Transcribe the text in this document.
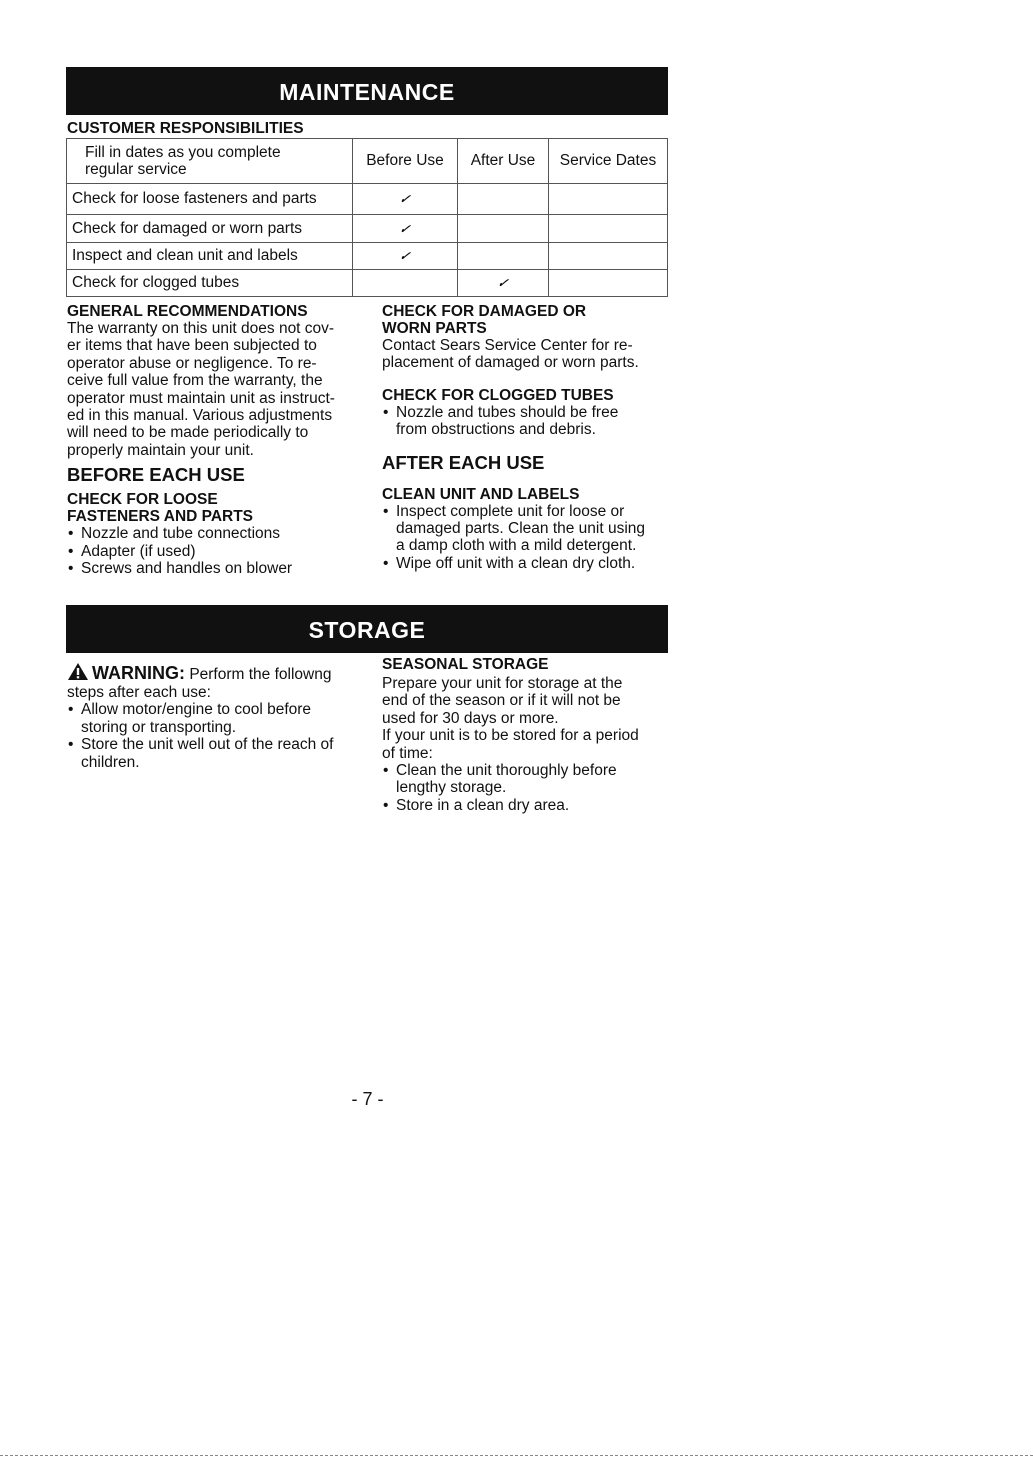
MAINTENANCE
CUSTOMER RESPONSIBILITIES
Fill in dates as you complete
regular service	Before Use	After Use	Service Dates
Check for loose fasteners and parts	✓		
Check for damaged or worn parts	✓		
Inspect and clean unit and labels	✓		
Check for clogged tubes		✓	

GENERAL RECOMMENDATIONS

The warranty on this unit does not cov-
er items that have been subjected to
operator abuse or negligence. To re-
ceive full value from the warranty, the
operator must maintain unit as instruct-
ed in this manual. Various adjustments
will need to be made periodically to
properly maintain your unit.

BEFORE EACH USE

CHECK FOR LOOSE
FASTENERS AND PARTS

• Nozzle and tube connections
• Adapter (if used)
• Screws and handles on blower

CHECK FOR DAMAGED OR
WORN PARTS

Contact Sears Service Center for re-
placement of damaged or worn parts.

CHECK FOR CLOGGED TUBES

• Nozzle and tubes should be free
from obstructions and debris.

AFTER EACH USE

CLEAN UNIT AND LABELS

• Inspect complete unit for loose or
damaged parts. Clean the unit using
a damp cloth with a mild detergent.
• Wipe off unit with a clean dry cloth.
STORAGE

WARNING: Perform the followng

steps after each use:

• Allow motor/engine to cool before
storing or transporting.
• Store the unit well out of the reach of
children.

SEASONAL STORAGE

Prepare your unit for storage at the
end of the season or if it will not be
used for 30 days or more.
If your unit is to be stored for a period
of time:

• Clean the unit thoroughly before
lengthy storage.
• Store in a clean dry area.
- 7 -
